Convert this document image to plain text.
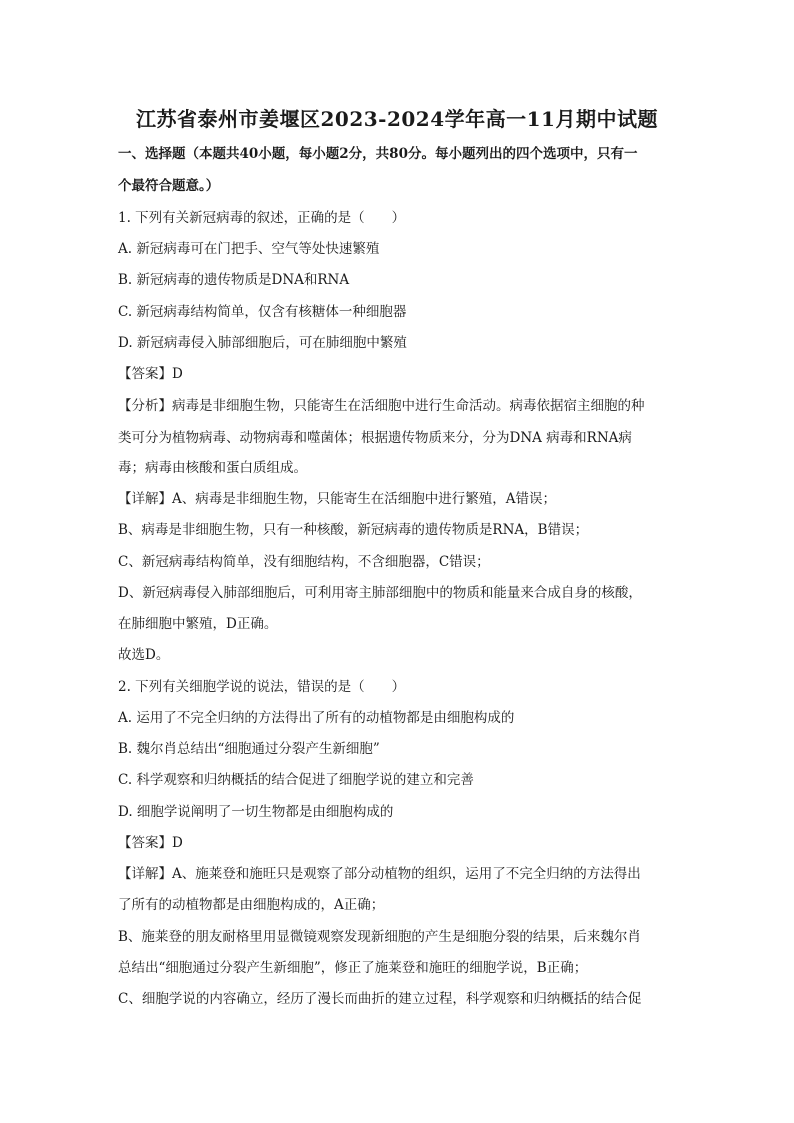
江苏省泰州市姜堰区2023-2024学年高一11月期中试题
一、选择题（本题共40小题，每小题2分，共80分。每小题列出的四个选项中，只有一
个最符合题意。）
1. 下列有关新冠病毒的叙述，正确的是（　　）
A. 新冠病毒可在门把手、空气等处快速繁殖
B. 新冠病毒的遗传物质是DNA和RNA
C. 新冠病毒结构简单，仅含有核糖体一种细胞器
D. 新冠病毒侵入肺部细胞后，可在肺细胞中繁殖
【答案】D
【分析】病毒是非细胞生物，只能寄生在活细胞中进行生命活动。病毒依据宿主细胞的种
类可分为植物病毒、动物病毒和噬菌体；根据遗传物质来分，分为DNA 病毒和RNA病
毒；病毒由核酸和蛋白质组成。
【详解】A、病毒是非细胞生物，只能寄生在活细胞中进行繁殖，A错误；
B、病毒是非细胞生物，只有一种核酸，新冠病毒的遗传物质是RNA，B错误；
C、新冠病毒结构简单，没有细胞结构，不含细胞器，C错误；
D、新冠病毒侵入肺部细胞后，可利用寄主肺部细胞中的物质和能量来合成自身的核酸，
在肺细胞中繁殖，D正确。
故选D。
2. 下列有关细胞学说的说法，错误的是（　　）
A. 运用了不完全归纳的方法得出了所有的动植物都是由细胞构成的
B. 魏尔肖总结出“细胞通过分裂产生新细胞”
C. 科学观察和归纳概括的结合促进了细胞学说的建立和完善
D. 细胞学说阐明了一切生物都是由细胞构成的
【答案】D
【详解】A、施莱登和施旺只是观察了部分动植物的组织，运用了不完全归纳的方法得出
了所有的动植物都是由细胞构成的，A正确；
B、施莱登的朋友耐格里用显微镜观察发现新细胞的产生是细胞分裂的结果，后来魏尔肖
总结出“细胞通过分裂产生新细胞”，修正了施莱登和施旺的细胞学说，B正确；
C、细胞学说的内容确立，经历了漫长而曲折的建立过程，科学观察和归纳概括的结合促
